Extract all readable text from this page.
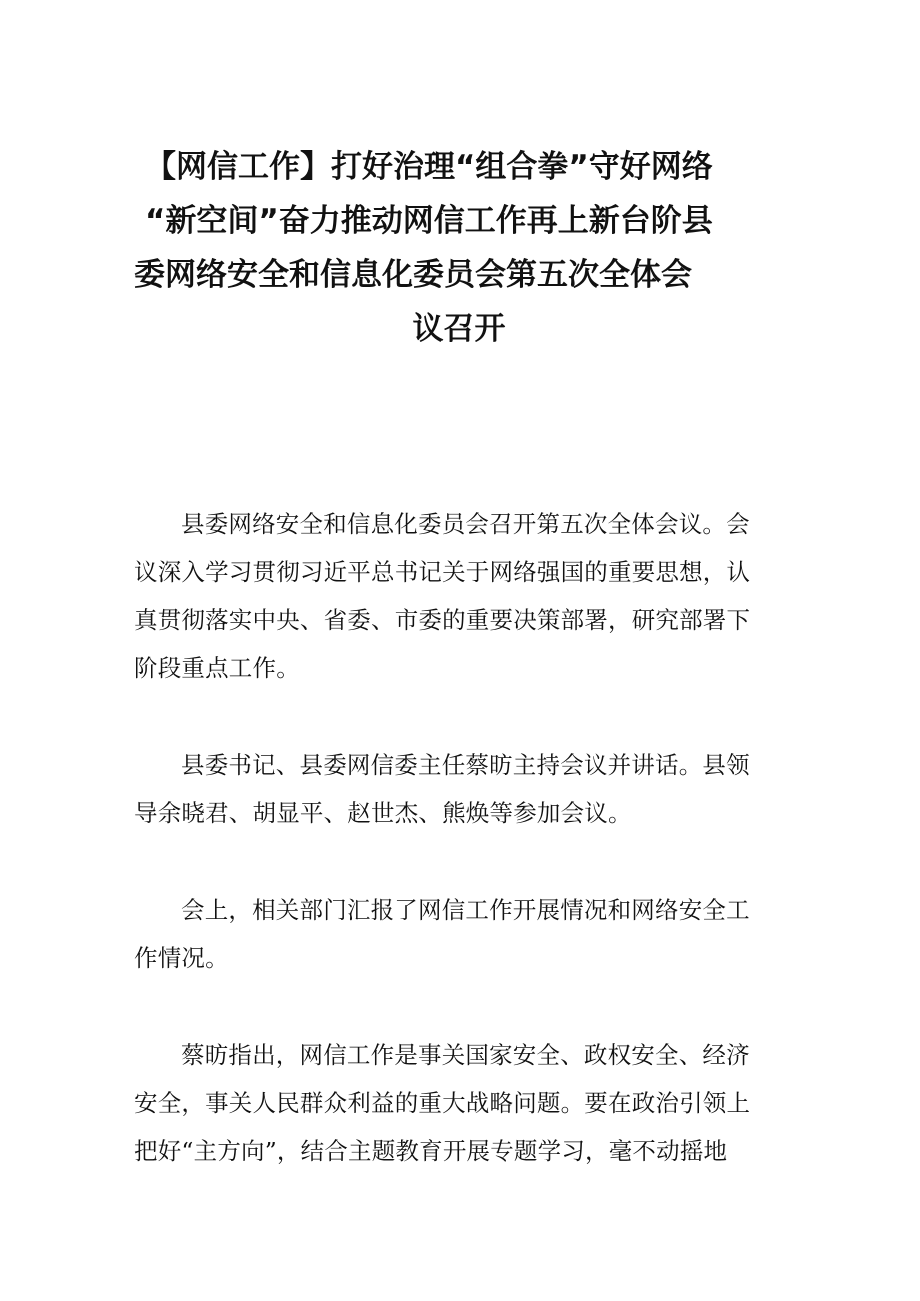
【网信工作】打好治理“组合拳”守好网络
“新空间”奋力推动网信工作再上新台阶县
委网络安全和信息化委员会第五次全体会
议召开
县委网络安全和信息化委员会召开第五次全体会议。会
议深入学习贯彻习近平总书记关于网络强国的重要思想，认
真贯彻落实中央、省委、市委的重要决策部署，研究部署下
阶段重点工作。
县委书记、县委网信委主任蔡昉主持会议并讲话。县领
导余晓君、胡显平、赵世杰、熊焕等参加会议。
会上，相关部门汇报了网信工作开展情况和网络安全工
作情况。
蔡昉指出，网信工作是事关国家安全、政权安全、经济
安全，事关人民群众利益的重大战略问题。要在政治引领上
把好“主方向”，结合主题教育开展专题学习，毫不动摇地
